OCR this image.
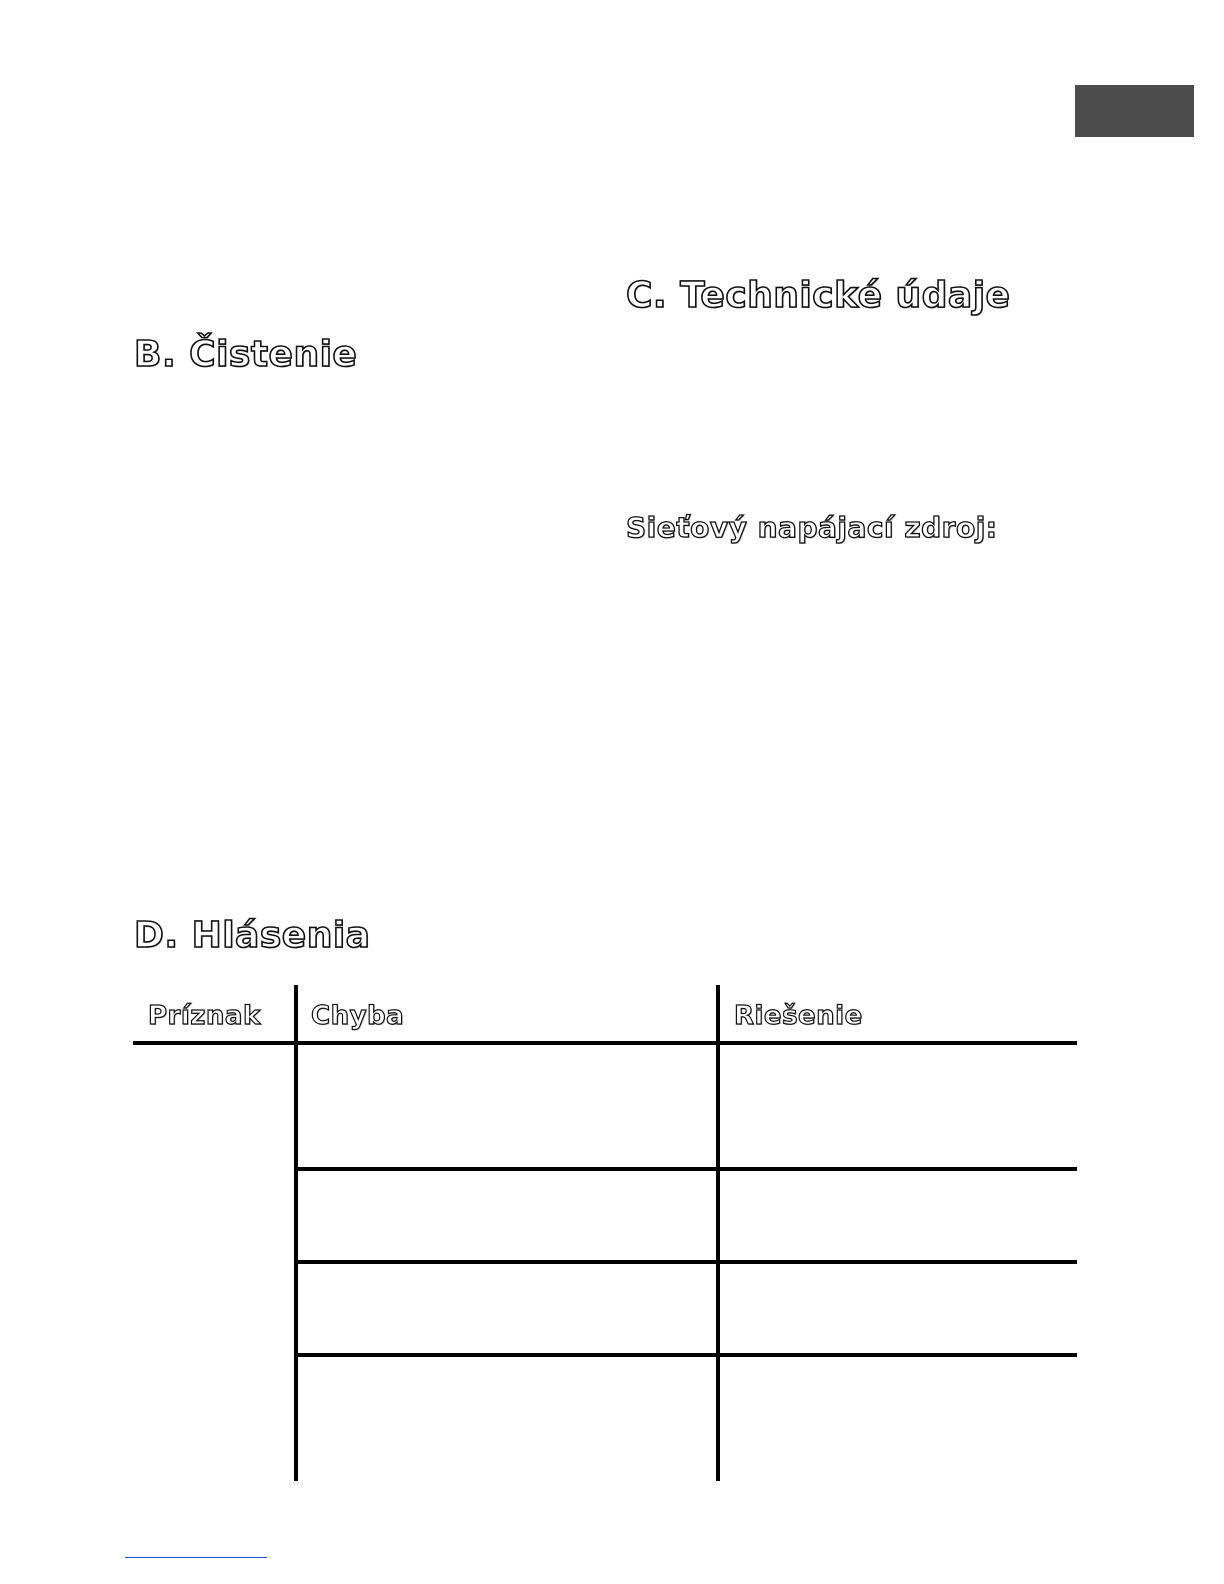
B. Čistenie
C. Technické údaje
Sieťový napájací zdroj:
D. Hlásenia
Príznak Chyba	Riešenie
